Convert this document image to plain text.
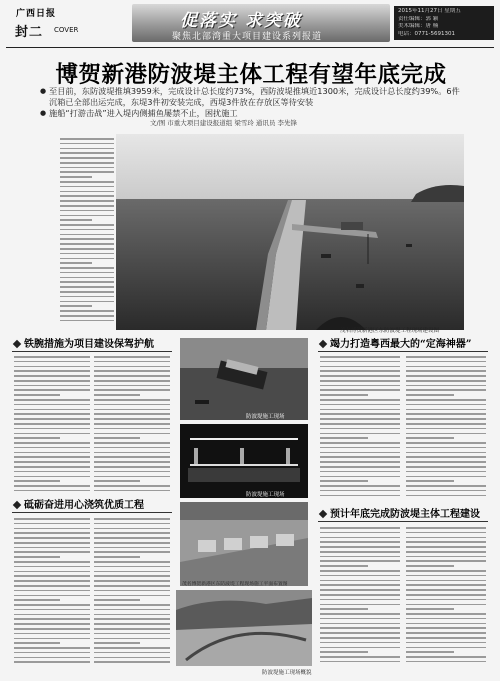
广西日报
封二 COVER	促落实 求突破
聚焦北部湾重大项目建设系列报道
2015年11月27日 星期五
责任编辑：郭 颖
美术编辑：唐 楠
电话：0771-5691301
博贺新港防波堤主体工程有望年底完成
● 至目前，东防波堤推填3959米，完成设计总长度约73%，西防波堤推填近1300米，完成设计总长度约39%。6件沉箱已全部出运完成，东堤3件初安装完成，西堤3件放在存放区等待安装
● 施船“打游击战”进入堤内侧捕鱼屡禁不止，困扰施工
文/图 市重大项目建设报道组 梁雪玲 通讯员 李先锋
茂名博贺新港区东防波堤工程现场建设图
铁腕措施为项目建设保驾护航
砥砺奋进用心浇筑优质工程
防波堤施工现场
防波堤施工现场
茂名博贺新港区东防波堤工程现场施工平面布置图
防波堤施工现场概貌
竭力打造粤西最大的“定海神器”
预计年底完成防波堤主体工程建设
